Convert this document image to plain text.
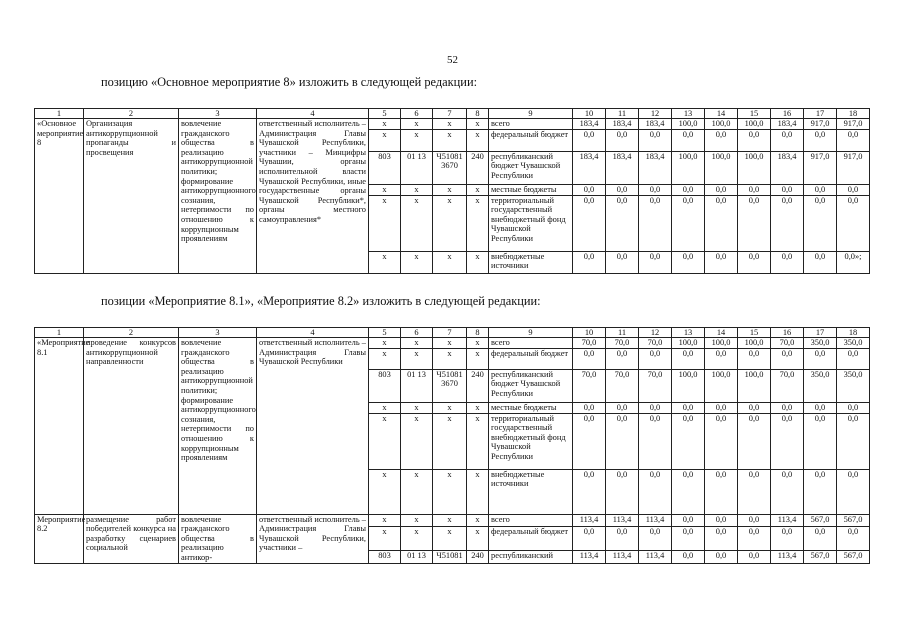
52
позицию «Основное мероприятие 8» изложить в следующей редакции:
позиции «Мероприятие 8.1», «Мероприятие 8.2» изложить в следующей редакции:
1	2	3	4	5	6	7	8	9	10	11	12	13	14	15	16	17	18
«Основное мероприятие 8	Организация антикоррупционной пропаганды и просвещения	вовлечение гражданского общества в реализацию антикоррупционной политики; формирование антикоррупционного сознания, нетерпимости по отношению к коррупционным проявлениям	ответственный исполнитель – Администрация Главы Чувашской Республики, участники – Минцифры Чувашии, органы исполнительной власти Чувашской Республики, иные государственные органы Чувашской Республики*, органы местного самоуправления*	x	x	x	x	всего	183,4	183,4	183,4	100,0	100,0	100,0	183,4	917,0	917,0
				x	x	x	x	федеральный бюджет	0,0	0,0	0,0	0,0	0,0	0,0	0,0	0,0	0,0
				803	01 13	Ч51081 3670	240	республиканский бюджет Чувашской Республики	183,4	183,4	183,4	100,0	100,0	100,0	183,4	917,0	917,0
				x	x	x	x	местные бюджеты	0,0	0,0	0,0	0,0	0,0	0,0	0,0	0,0	0,0
				x	x	x	x	территориальный государственный внебюджетный фонд Чувашской Республики	0,0	0,0	0,0	0,0	0,0	0,0	0,0	0,0	0,0
				x	x	x	x	внебюджетные источники	0,0	0,0	0,0	0,0	0,0	0,0	0,0	0,0	0,0»;
1	2	3	4	5	6	7	8	9	10	11	12	13	14	15	16	17	18
«Мероприятие 8.1	проведение конкурсов антикоррупционной направленности	вовлечение гражданского общества в реализацию антикоррупционной политики; формирование антикоррупционного сознания, нетерпимости по отношению к коррупционным проявлениям	ответственный исполнитель – Администрация Главы Чувашской Республики	x	x	x	x	всего	70,0	70,0	70,0	100,0	100,0	100,0	70,0	350,0	350,0
				x	x	x	x	федеральный бюджет	0,0	0,0	0,0	0,0	0,0	0,0	0,0	0,0	0,0
				803	01 13	Ч51081 3670	240	республиканский бюджет Чувашской Республики	70,0	70,0	70,0	100,0	100,0	100,0	70,0	350,0	350,0
				x	x	x	x	местные бюджеты	0,0	0,0	0,0	0,0	0,0	0,0	0,0	0,0	0,0
				x	x	x	x	территориальный государственный внебюджетный фонд Чувашской Республики	0,0	0,0	0,0	0,0	0,0	0,0	0,0	0,0	0,0
				x	x	x	x	внебюджетные источники	0,0	0,0	0,0	0,0	0,0	0,0	0,0	0,0	0,0
Мероприятие 8.2	размещение работ победителей конкурса на разработку сценариев социальной	вовлечение гражданского общества в реализацию антикор-	ответственный исполнитель – Администрация Главы Чувашской Республики, участники –	x	x	x	x	всего	113,4	113,4	113,4	0,0	0,0	0,0	113,4	567,0	567,0
				x	x	x	x	федеральный бюджет	0,0	0,0	0,0	0,0	0,0	0,0	0,0	0,0	0,0
				803	01 13	Ч51081	240	республиканский	113,4	113,4	113,4	0,0	0,0	0,0	113,4	567,0	567,0
